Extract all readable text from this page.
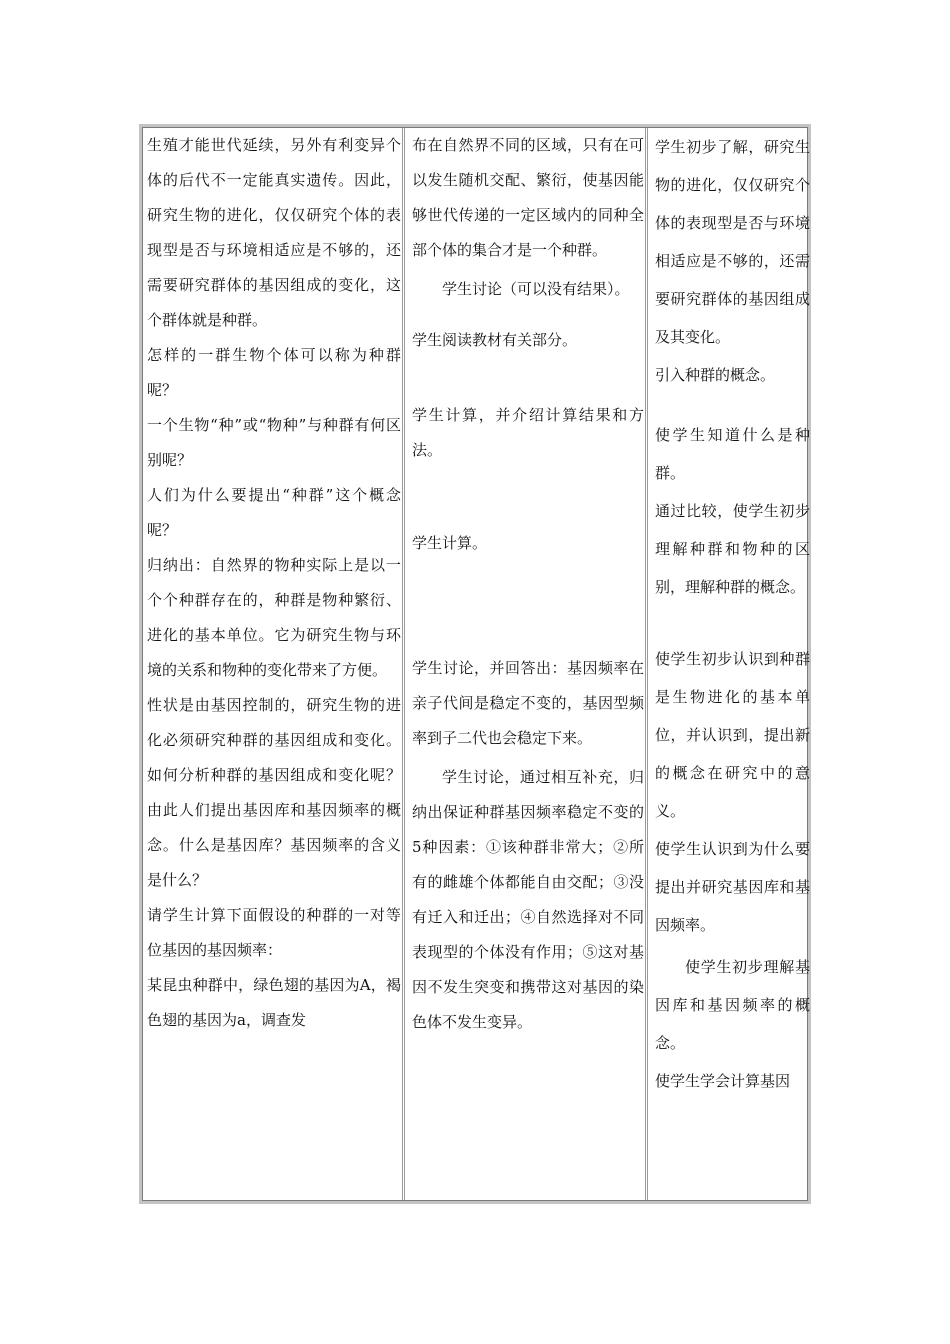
生殖才能世代延续，另外有利变异个体的后代不一定能真实遗传。因此，研究生物的进化，仅仅研究个体的表现型是否与环境相适应是不够的，还需要研究群体的基因组成的变化，这个群体就是种群。

怎样的一群生物个体可以称为种群呢？

一个生物“种”或“物种”与种群有何区别呢？

人们为什么要提出“种群”这个概念呢？

归纳出：自然界的物种实际上是以一个个种群存在的，种群是物种繁衍、进化的基本单位。它为研究生物与环境的关系和物种的变化带来了方便。

性状是由基因控制的，研究生物的进化必须研究种群的基因组成和变化。如何分析种群的基因组成和变化呢？由此人们提出基因库和基因频率的概念。什么是基因库？基因频率的含义是什么？

请学生计算下面假设的种群的一对等位基因的基因频率：

某昆虫种群中，绿色翅的基因为A，褐色翅的基因为a，调查发

布在自然界不同的区域，只有在可以发生随机交配、繁衍，使基因能够世代传递的一定区域内的同种全部个体的集合才是一个种群。

学生讨论（可以没有结果）。

学生阅读教材有关部分。

学生计算，并介绍计算结果和方法。

学生计算。

学生讨论，并回答出：基因频率在亲子代间是稳定不变的，基因型频率到子二代也会稳定下来。

学生讨论，通过相互补充，归纳出保证种群基因频率稳定不变的5种因素：①该种群非常大；②所有的雌雄个体都能自由交配；③没有迁入和迁出；④自然选择对不同表现型的个体没有作用；⑤这对基因不发生突变和携带这对基因的染色体不发生变异。

学生初步了解，研究生物的进化，仅仅研究个体的表现型是否与环境相适应是不够的，还需要研究群体的基因组成及其变化。

引入种群的概念。

使学生知道什么是种群。

通过比较，使学生初步理解种群和物种的区别，理解种群的概念。

使学生初步认识到种群是生物进化的基本单位，并认识到，提出新的概念在研究中的意义。

使学生认识到为什么要提出并研究基因库和基因频率。

使学生初步理解基因库和基因频率的概念。

使学生学会计算基因
